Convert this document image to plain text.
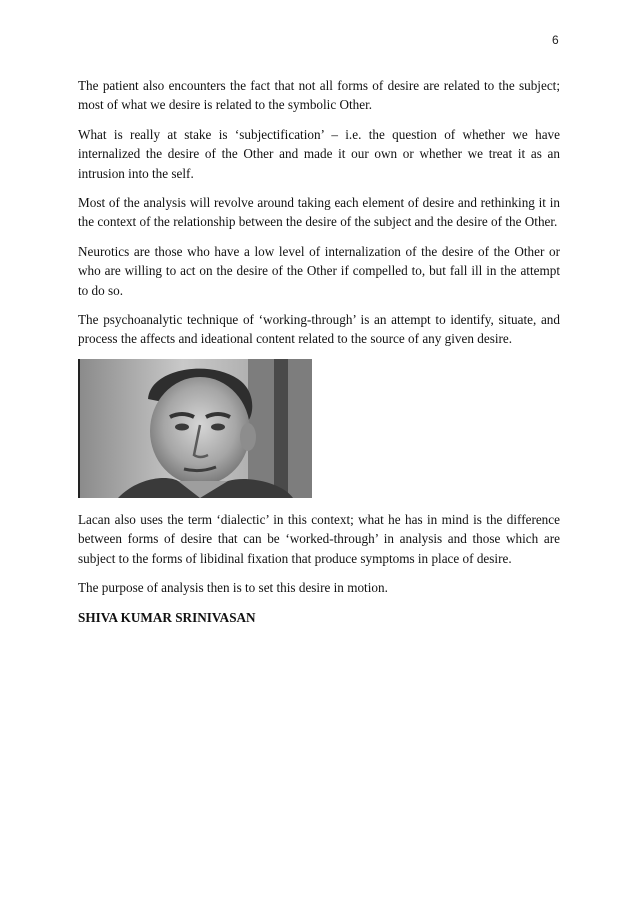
6

The patient also encounters the fact that not all forms of desire are related to the subject; most of what we desire is related to the symbolic Other.

What is really at stake is ‘subjectification’ – i.e. the question of whether we have internalized the desire of the Other and made it our own or whether we treat it as an intrusion into the self.

Most of the analysis will revolve around taking each element of desire and rethinking it in the context of the relationship between the desire of the subject and the desire of the Other.

Neurotics are those who have a low level of internalization of the desire of the Other or who are willing to act on the desire of the Other if compelled to, but fall ill in the attempt to do so.

The psychoanalytic technique of ‘working-through’ is an attempt to identify, situate, and process the affects and ideational content related to the source of any given desire.

Lacan also uses the term ‘dialectic’ in this context; what he has in mind is the difference between forms of desire that can be ‘worked-through’ in analysis and those which are subject to the forms of libidinal fixation that produce symptoms in place of desire.

The purpose of analysis then is to set this desire in motion.

SHIVA KUMAR SRINIVASAN
